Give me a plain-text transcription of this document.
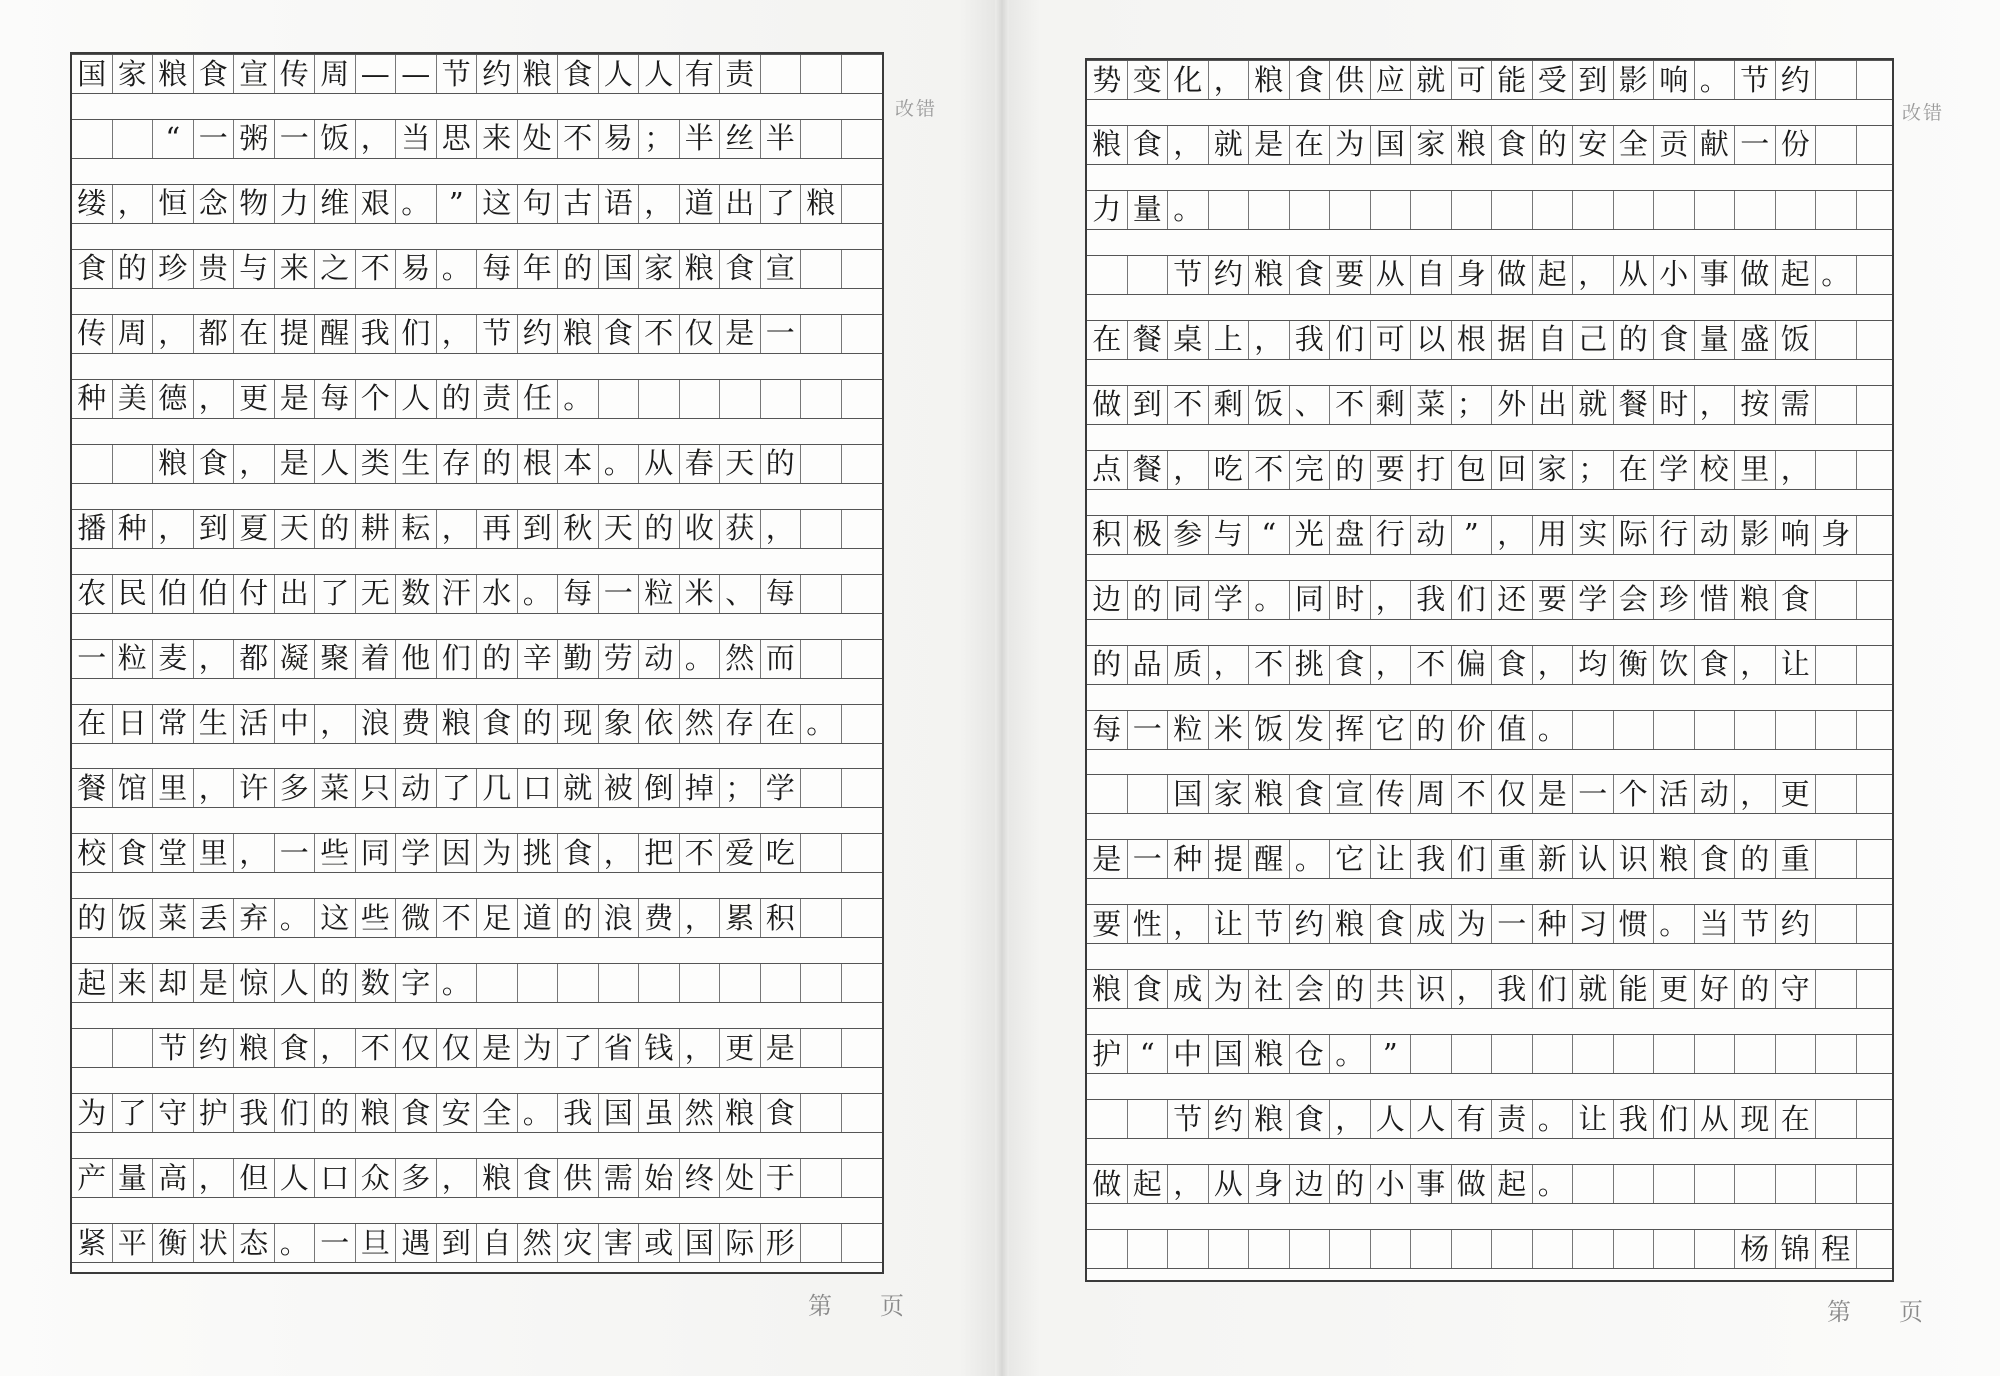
国 家 粮 食 宣 传 周 — — 节 约 粮 食 人 人 有 责
“ 一 粥 一 饭 ， 当 思 来 处 不 易 ； 半 丝 半
缕 ， 恒 念 物 力 维 艰 。 ” 这 句 古 语 ， 道 出 了 粮
食 的 珍 贵 与 来 之 不 易 。 每 年 的 国 家 粮 食 宣
传 周 ， 都 在 提 醒 我 们 ， 节 约 粮 食 不 仅 是 一
种 美 德 ， 更 是 每 个 人 的 责 任 。
粮 食 ， 是 人 类 生 存 的 根 本 。 从 春 天 的
播 种 ， 到 夏 天 的 耕 耘 ， 再 到 秋 天 的 收 获 ，
农 民 伯 伯 付 出 了 无 数 汗 水 。 每 一 粒 米 、 每
一 粒 麦 ， 都 凝 聚 着 他 们 的 辛 勤 劳 动 。 然 而
在 日 常 生 活 中 ， 浪 费 粮 食 的 现 象 依 然 存 在 。
餐 馆 里 ， 许 多 菜 只 动 了 几 口 就 被 倒 掉 ； 学
校 食 堂 里 ， 一 些 同 学 因 为 挑 食 ， 把 不 爱 吃
的 饭 菜 丢 弃 。 这 些 微 不 足 道 的 浪 费 ， 累 积
起 来 却 是 惊 人 的 数 字 。
节 约 粮 食 ， 不 仅 仅 是 为 了 省 钱 ， 更 是
为 了 守 护 我 们 的 粮 食 安 全 。 我 国 虽 然 粮 食
产 量 高 ， 但 人 口 众 多 ， 粮 食 供 需 始 终 处 于
紧 平 衡 状 态 。 一 旦 遇 到 自 然 灾 害 或 国 际 形
改错
第 页
势 变 化 ， 粮 食 供 应 就 可 能 受 到 影 响 。 节 约
粮 食 ， 就 是 在 为 国 家 粮 食 的 安 全 贡 献 一 份
力 量 。
节 约 粮 食 要 从 自 身 做 起 ， 从 小 事 做 起 。
在 餐 桌 上 ， 我 们 可 以 根 据 自 己 的 食 量 盛 饭
做 到 不 剩 饭 、 不 剩 菜 ； 外 出 就 餐 时 ， 按 需
点 餐 ， 吃 不 完 的 要 打 包 回 家 ； 在 学 校 里 ，
积 极 参 与 “ 光 盘 行 动 ” ， 用 实 际 行 动 影 响 身
边 的 同 学 。 同 时 ， 我 们 还 要 学 会 珍 惜 粮 食
的 品 质 ， 不 挑 食 ， 不 偏 食 ， 均 衡 饮 食 ， 让
每 一 粒 米 饭 发 挥 它 的 价 值 。
国 家 粮 食 宣 传 周 不 仅 是 一 个 活 动 ， 更
是 一 种 提 醒 。 它 让 我 们 重 新 认 识 粮 食 的 重
要 性 ， 让 节 约 粮 食 成 为 一 种 习 惯 。 当 节 约
粮 食 成 为 社 会 的 共 识 ， 我 们 就 能 更 好 的 守
护 “ 中 国 粮 仓 。 ”
节 约 粮 食 ， 人 人 有 责 。 让 我 们 从 现 在
做 起 ， 从 身 边 的 小 事 做 起 。
杨 锦 程
改错
第 页
